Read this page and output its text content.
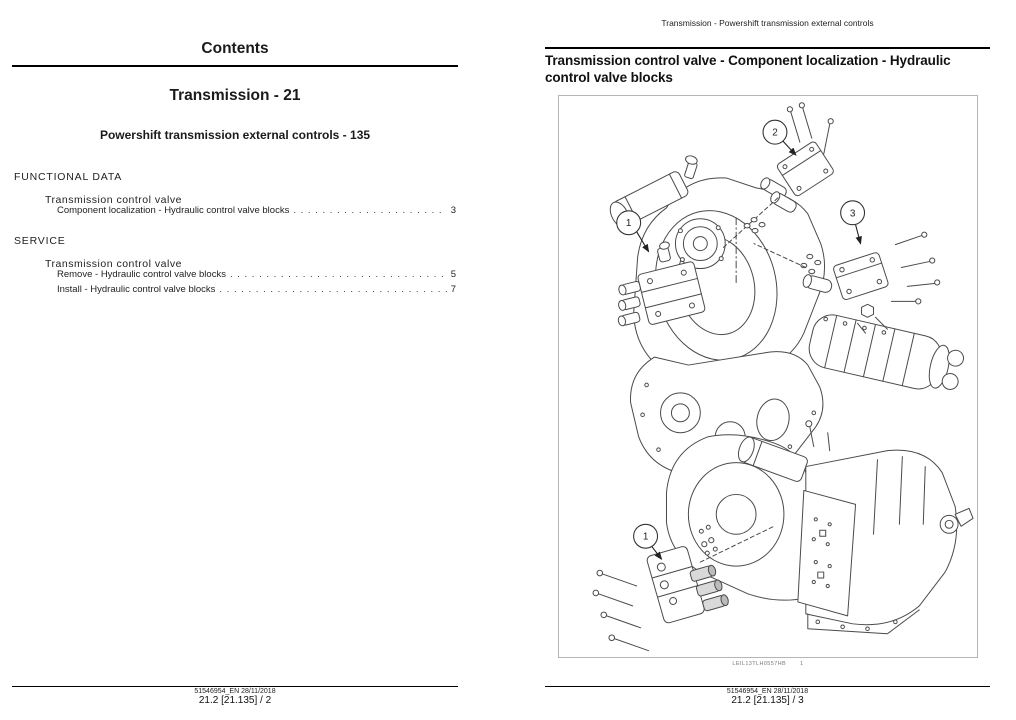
Contents
Transmission - 21
Powershift transmission external controls - 135
FUNCTIONAL DATA
Transmission control valve
Component localization - Hydraulic control valve blocks . . .	3
SERVICE
Transmission control valve
Remove - Hydraulic control valve blocks . . .	5
Install - Hydraulic control valve blocks . . .	7
51546954_EN 28/11/2018
21.2 [21.135] / 2
Transmission - Powershift transmission external controls
Transmission control valve - Component localization - Hydraulic control valve blocks
1
2
3
1
LEIL13TLH0557HB	1
51546954_EN 28/11/2018
21.2 [21.135] / 3
